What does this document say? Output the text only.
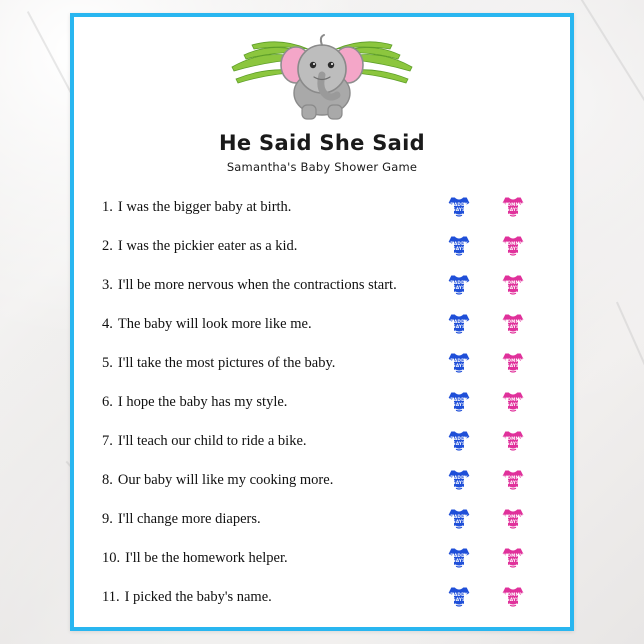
He Said She Said
Samantha's Baby Shower Game
1. I was the bigger baby at birth.
2. I was the pickier eater as a kid.
3. I'll be more nervous when the contractions start.
4. The baby will look more like me.
5. I'll take the most pictures of the baby.
6. I hope the baby has my style.
7. I'll teach our child to ride a bike.
8. Our baby will like my cooking more.
9. I'll change more diapers.
10. I'll be the homework helper.
11. I picked the baby's name.
DADDY
SAYS
MOMMY
SAYS
DADDY
SAYS
MOMMY
SAYS
DADDY
SAYS
MOMMY
SAYS
DADDY
SAYS
MOMMY
SAYS
DADDY
SAYS
MOMMY
SAYS
DADDY
SAYS
MOMMY
SAYS
DADDY
SAYS
MOMMY
SAYS
DADDY
SAYS
MOMMY
SAYS
DADDY
SAYS
MOMMY
SAYS
DADDY
SAYS
MOMMY
SAYS
DADDY
SAYS
MOMMY
SAYS
